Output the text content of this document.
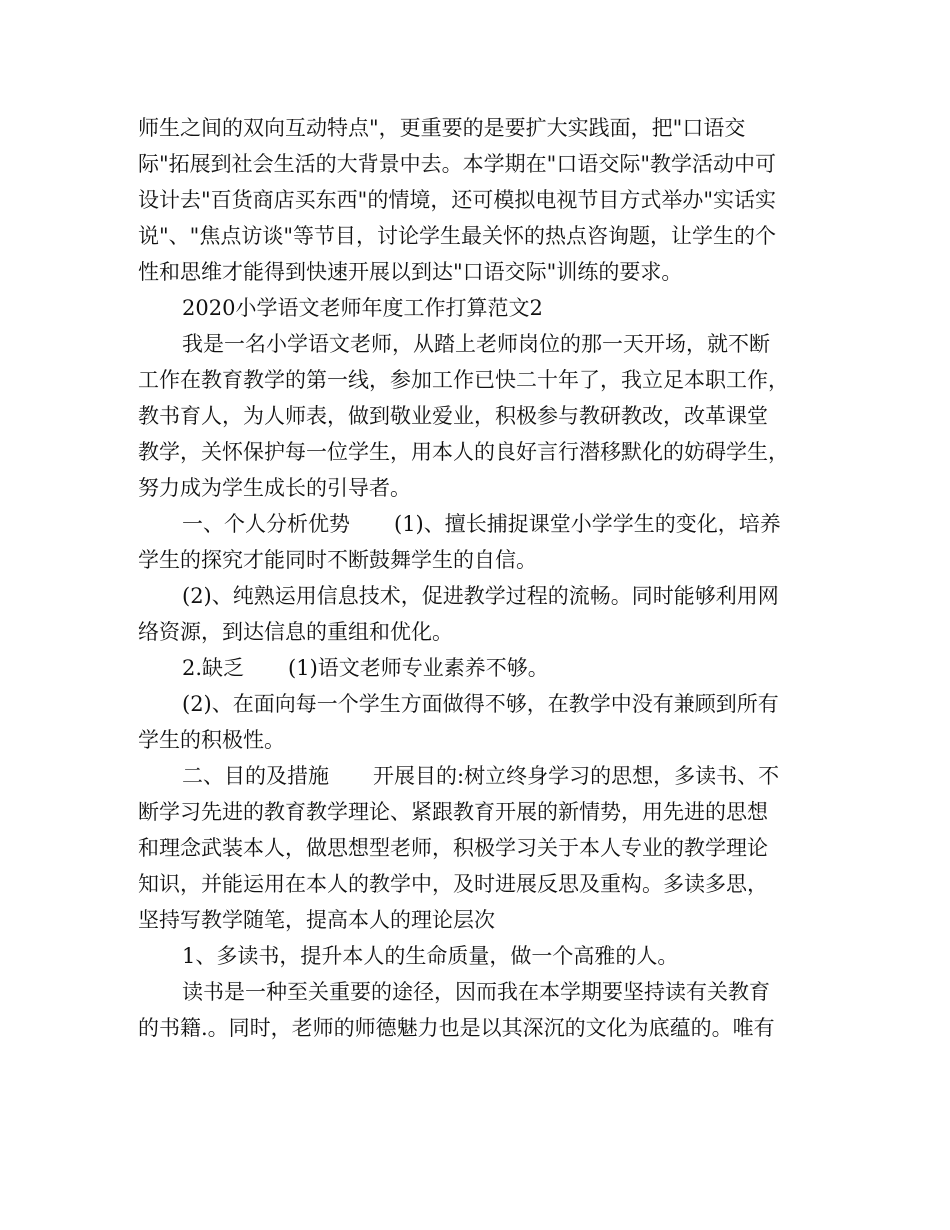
师生之间的双向互动特点"，更重要的是要扩大实践面，把"口语交
际"拓展到社会生活的大背景中去。本学期在"口语交际"教学活动中可
设计去"百货商店买东西"的情境，还可模拟电视节目方式举办"实话实
说"、"焦点访谈"等节目，讨论学生最关怀的热点咨询题，让学生的个
性和思维才能得到快速开展以到达"口语交际"训练的要求。
2020小学语文老师年度工作打算范文2
我是一名小学语文老师，从踏上老师岗位的那一天开场，就不断
工作在教育教学的第一线，参加工作已快二十年了，我立足本职工作，
教书育人，为人师表，做到敬业爱业，积极参与教研教改，改革课堂
教学，关怀保护每一位学生，用本人的良好言行潜移默化的妨碍学生，
努力成为学生成长的引导者。
一、个人分析优势 (1)、擅长捕捉课堂小学学生的变化，培养
学生的探究才能同时不断鼓舞学生的自信。
(2)、纯熟运用信息技术，促进教学过程的流畅。同时能够利用网
络资源，到达信息的重组和优化。
2.缺乏 (1)语文老师专业素养不够。
(2)、在面向每一个学生方面做得不够，在教学中没有兼顾到所有
学生的积极性。
二、目的及措施 开展目的:树立终身学习的思想，多读书、不
断学习先进的教育教学理论、紧跟教育开展的新情势，用先进的思想
和理念武装本人，做思想型老师，积极学习关于本人专业的教学理论
知识，并能运用在本人的教学中，及时进展反思及重构。多读多思，
坚持写教学随笔，提高本人的理论层次
1、多读书，提升本人的生命质量，做一个高雅的人。
读书是一种至关重要的途径，因而我在本学期要坚持读有关教育
的书籍.。同时，老师的师德魅力也是以其深沉的文化为底蕴的。唯有
